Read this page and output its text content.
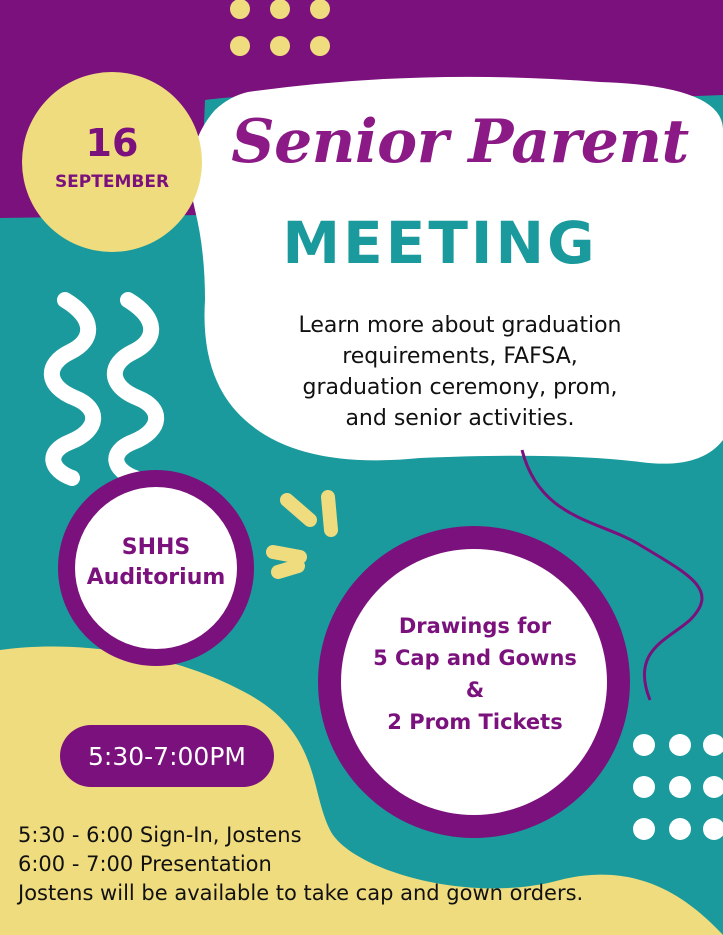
16
SEPTEMBER
Senior Parent
MEETING
Learn more about graduation
requirements, FAFSA,
graduation ceremony, prom,
and senior activities.
SHHS
Auditorium
Drawings for
5 Cap and Gowns
&
2 Prom Tickets
5:30-7:00PM
5:30 - 6:00 Sign-In, Jostens
6:00 - 7:00 Presentation
Jostens will be available to take cap and gown orders.
